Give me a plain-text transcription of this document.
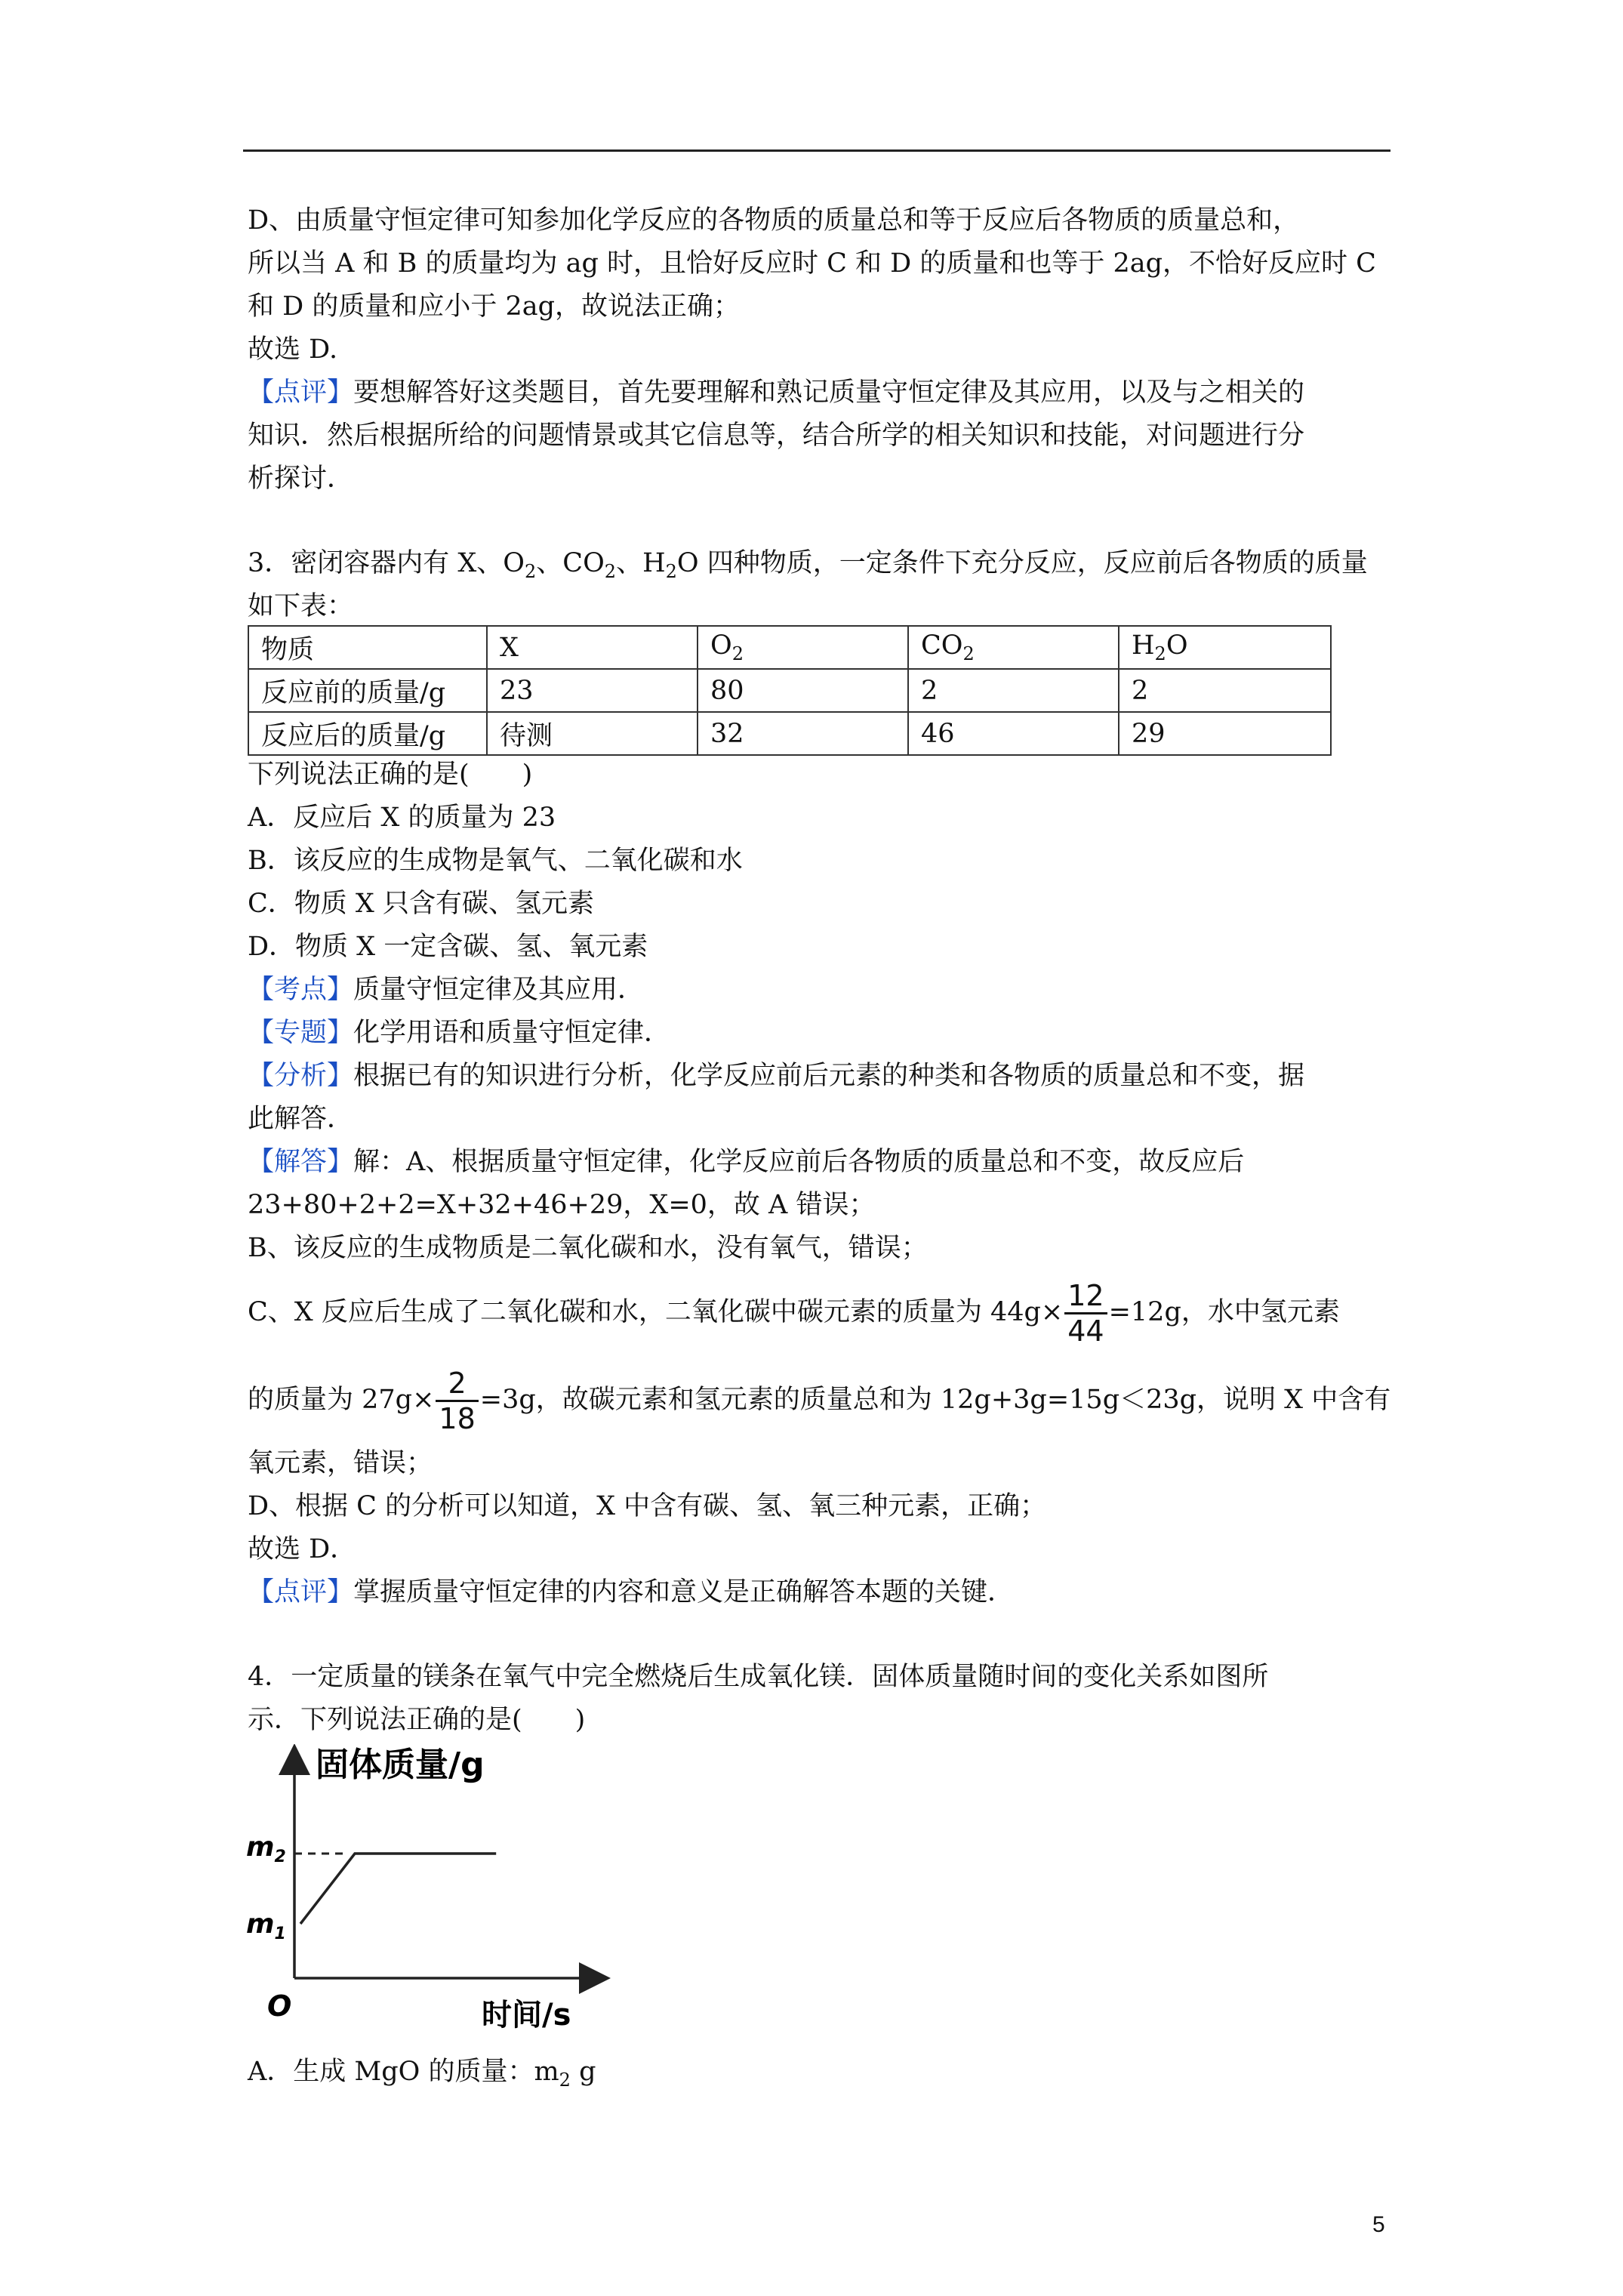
D、由质量守恒定律可知参加化学反应的各物质的质量总和等于反应后各物质的质量总和，
所以当 A 和 B 的质量均为 ag 时，且恰好反应时 C 和 D 的质量和也等于 2ag，不恰好反应时 C
和 D 的质量和应小于 2ag，故说法正确；
故选 D.
【点评】要想解答好这类题目，首先要理解和熟记质量守恒定律及其应用，以及与之相关的
知识．然后根据所给的问题情景或其它信息等，结合所学的相关知识和技能，对问题进行分
析探讨．
3．密闭容器内有 X、$O_2$、$CO_2$、$H_2O$ 四种物质，一定条件下充分反应，反应前后各物质的质量
如下表：
物质	X	$O_2$	$CO_2$	$H_2O$
反应前的质量/g	23	80	2	2
反应后的质量/g	待测	32	46	29
下列说法正确的是(　　)
A．反应后 X 的质量为 23
B．该反应的生成物是氧气、二氧化碳和水
C．物质 X 只含有碳、氢元素
D．物质 X 一定含碳、氢、氧元素
【考点】质量守恒定律及其应用．
【专题】化学用语和质量守恒定律．
【分析】根据已有的知识进行分析，化学反应前后元素的种类和各物质的质量总和不变，据
此解答．
【解答】解：A、根据质量守恒定律，化学反应前后各物质的质量总和不变，故反应后
23+80+2+2=X+32+46+29，X=0，故 A 错误；
B、该反应的生成物质是二氧化碳和水，没有氧气，错误；
C、X 反应后生成了二氧化碳和水，二氧化碳中碳元素的质量为 $44g\times \frac{12}{44} =12g$，水中氢元素
的质量为 $27g\times \frac{2}{18} =3g$，故碳元素和氢元素的质量总和为 12g+3g=15g＜23g，说明 X 中含有
氧元素，错误；
D、根据 C 的分析可以知道，X 中含有碳、氢、氧三种元素，正确；
故选 D．
【点评】掌握质量守恒定律的内容和意义是正确解答本题的关键．
4．一定质量的镁条在氧气中完全燃烧后生成氧化镁．固体质量随时间的变化关系如图所
示．下列说法正确的是(　　)
固体质量/g
时间/s
O
$m_2$
$m_1$
A．生成 MgO 的质量：$m_2$ g
5
